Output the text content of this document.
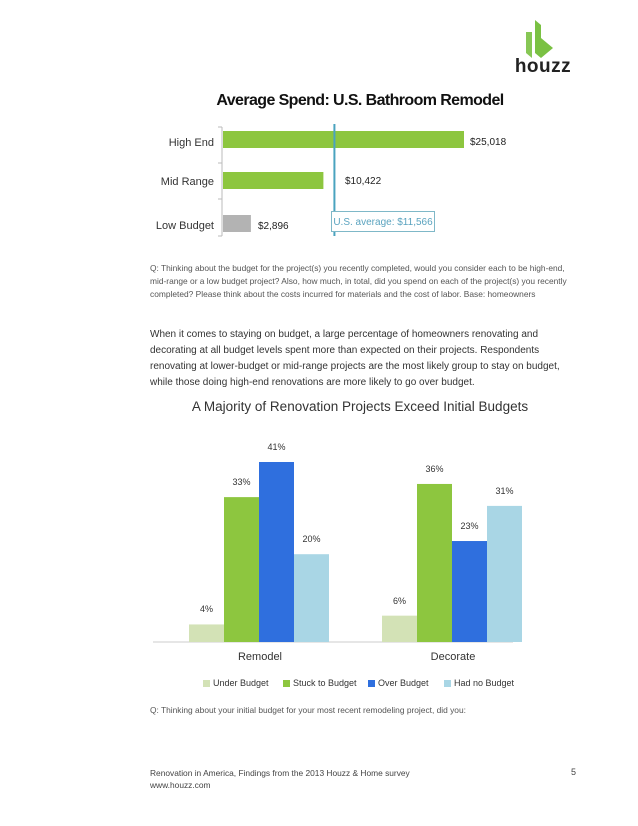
houzz
Average Spend: U.S. Bathroom Remodel
High End
Mid Range
Low Budget
$25,018
$10,422
$2,896	U.S. average: $11,566
Q: Thinking about the budget for the project(s) you recently completed, would you consider each to be high-end, mid-range or a low budget project? Also, how much, in total, did you spend on each of the project(s) you recently completed? Please think about the costs incurred for materials and the cost of labor. Base: homeowners
When it comes to staying on budget, a large percentage of homeowners renovating and decorating at all budget levels spent more than expected on their projects. Respondents renovating at lower-budget or mid-range projects are the most likely group to stay on budget, while those doing high-end renovations are more likely to go over budget.
A Majority of Renovation Projects Exceed Initial Budgets
4%
33%
41%
20%
6%
36%
23%
31%
Remodel	Decorate
Under Budget	Stuck to Budget Over Budget	Had no Budget
Q: Thinking about your initial budget for your most recent remodeling project, did you:
Renovation in America, Findings from the 2013 Houzz & Home survey
www.houzz.com
5
